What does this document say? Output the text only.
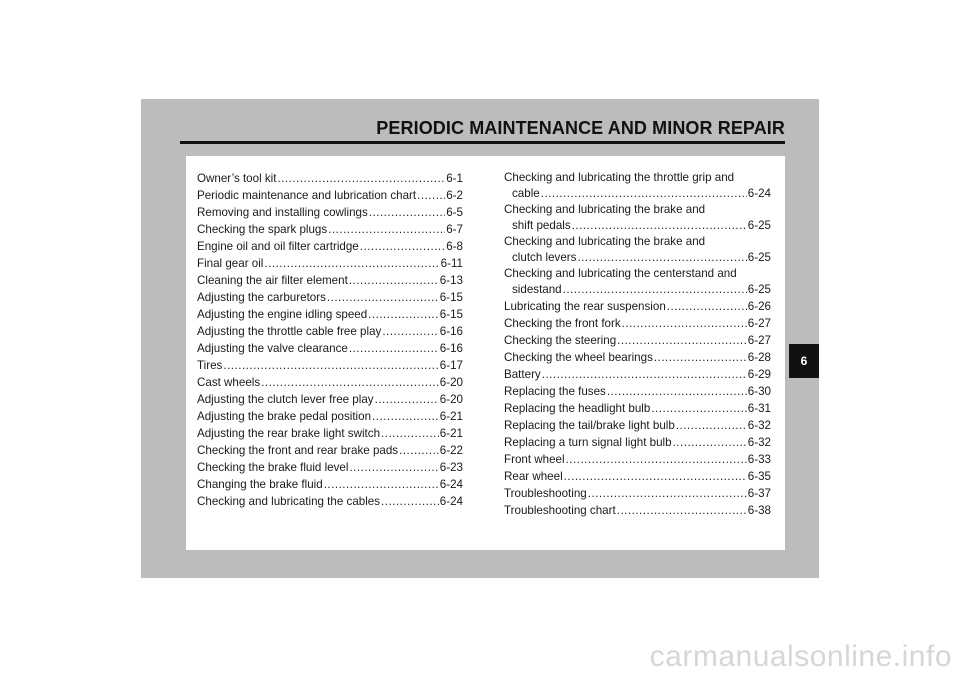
PERIODIC MAINTENANCE AND MINOR REPAIR
Owner’s tool kit .....	6-1
Periodic maintenance and lubrication chart .....	6-2
Removing and installing cowlings .....	6-5
Checking the spark plugs .....	6-7
Engine oil and oil filter cartridge .....	6-8
Final gear oil .....	6-11
Cleaning the air filter element .....	6-13
Adjusting the carburetors .....	6-15
Adjusting the engine idling speed .....	6-15
Adjusting the throttle cable free play .....	6-16
Adjusting the valve clearance .....	6-16
Tires .....	6-17
Cast wheels .....	6-20
Adjusting the clutch lever free play .....	6-20
Adjusting the brake pedal position .....	6-21
Adjusting the rear brake light switch .....	6-21
Checking the front and rear brake pads .....	6-22
Checking the brake fluid level .....	6-23
Changing the brake fluid .....	6-24
Checking and lubricating the cables .....	6-24
Checking and lubricating the throttle grip and
cable .....	6-24
Checking and lubricating the brake and
shift pedals .....	6-25
Checking and lubricating the brake and
clutch levers .....	6-25
Checking and lubricating the centerstand and
sidestand .....	6-25
Lubricating the rear suspension .....	6-26
Checking the front fork .....	6-27
Checking the steering .....	6-27
Checking the wheel bearings .....	6-28
Battery .....	6-29
Replacing the fuses .....	6-30
Replacing the headlight bulb .....	6-31
Replacing the tail/brake light bulb .....	6-32
Replacing a turn signal light bulb .....	6-32
Front wheel .....	6-33
Rear wheel .....	6-35
Troubleshooting .....	6-37
Troubleshooting chart .....	6-38
6
carmanualsonline.info
